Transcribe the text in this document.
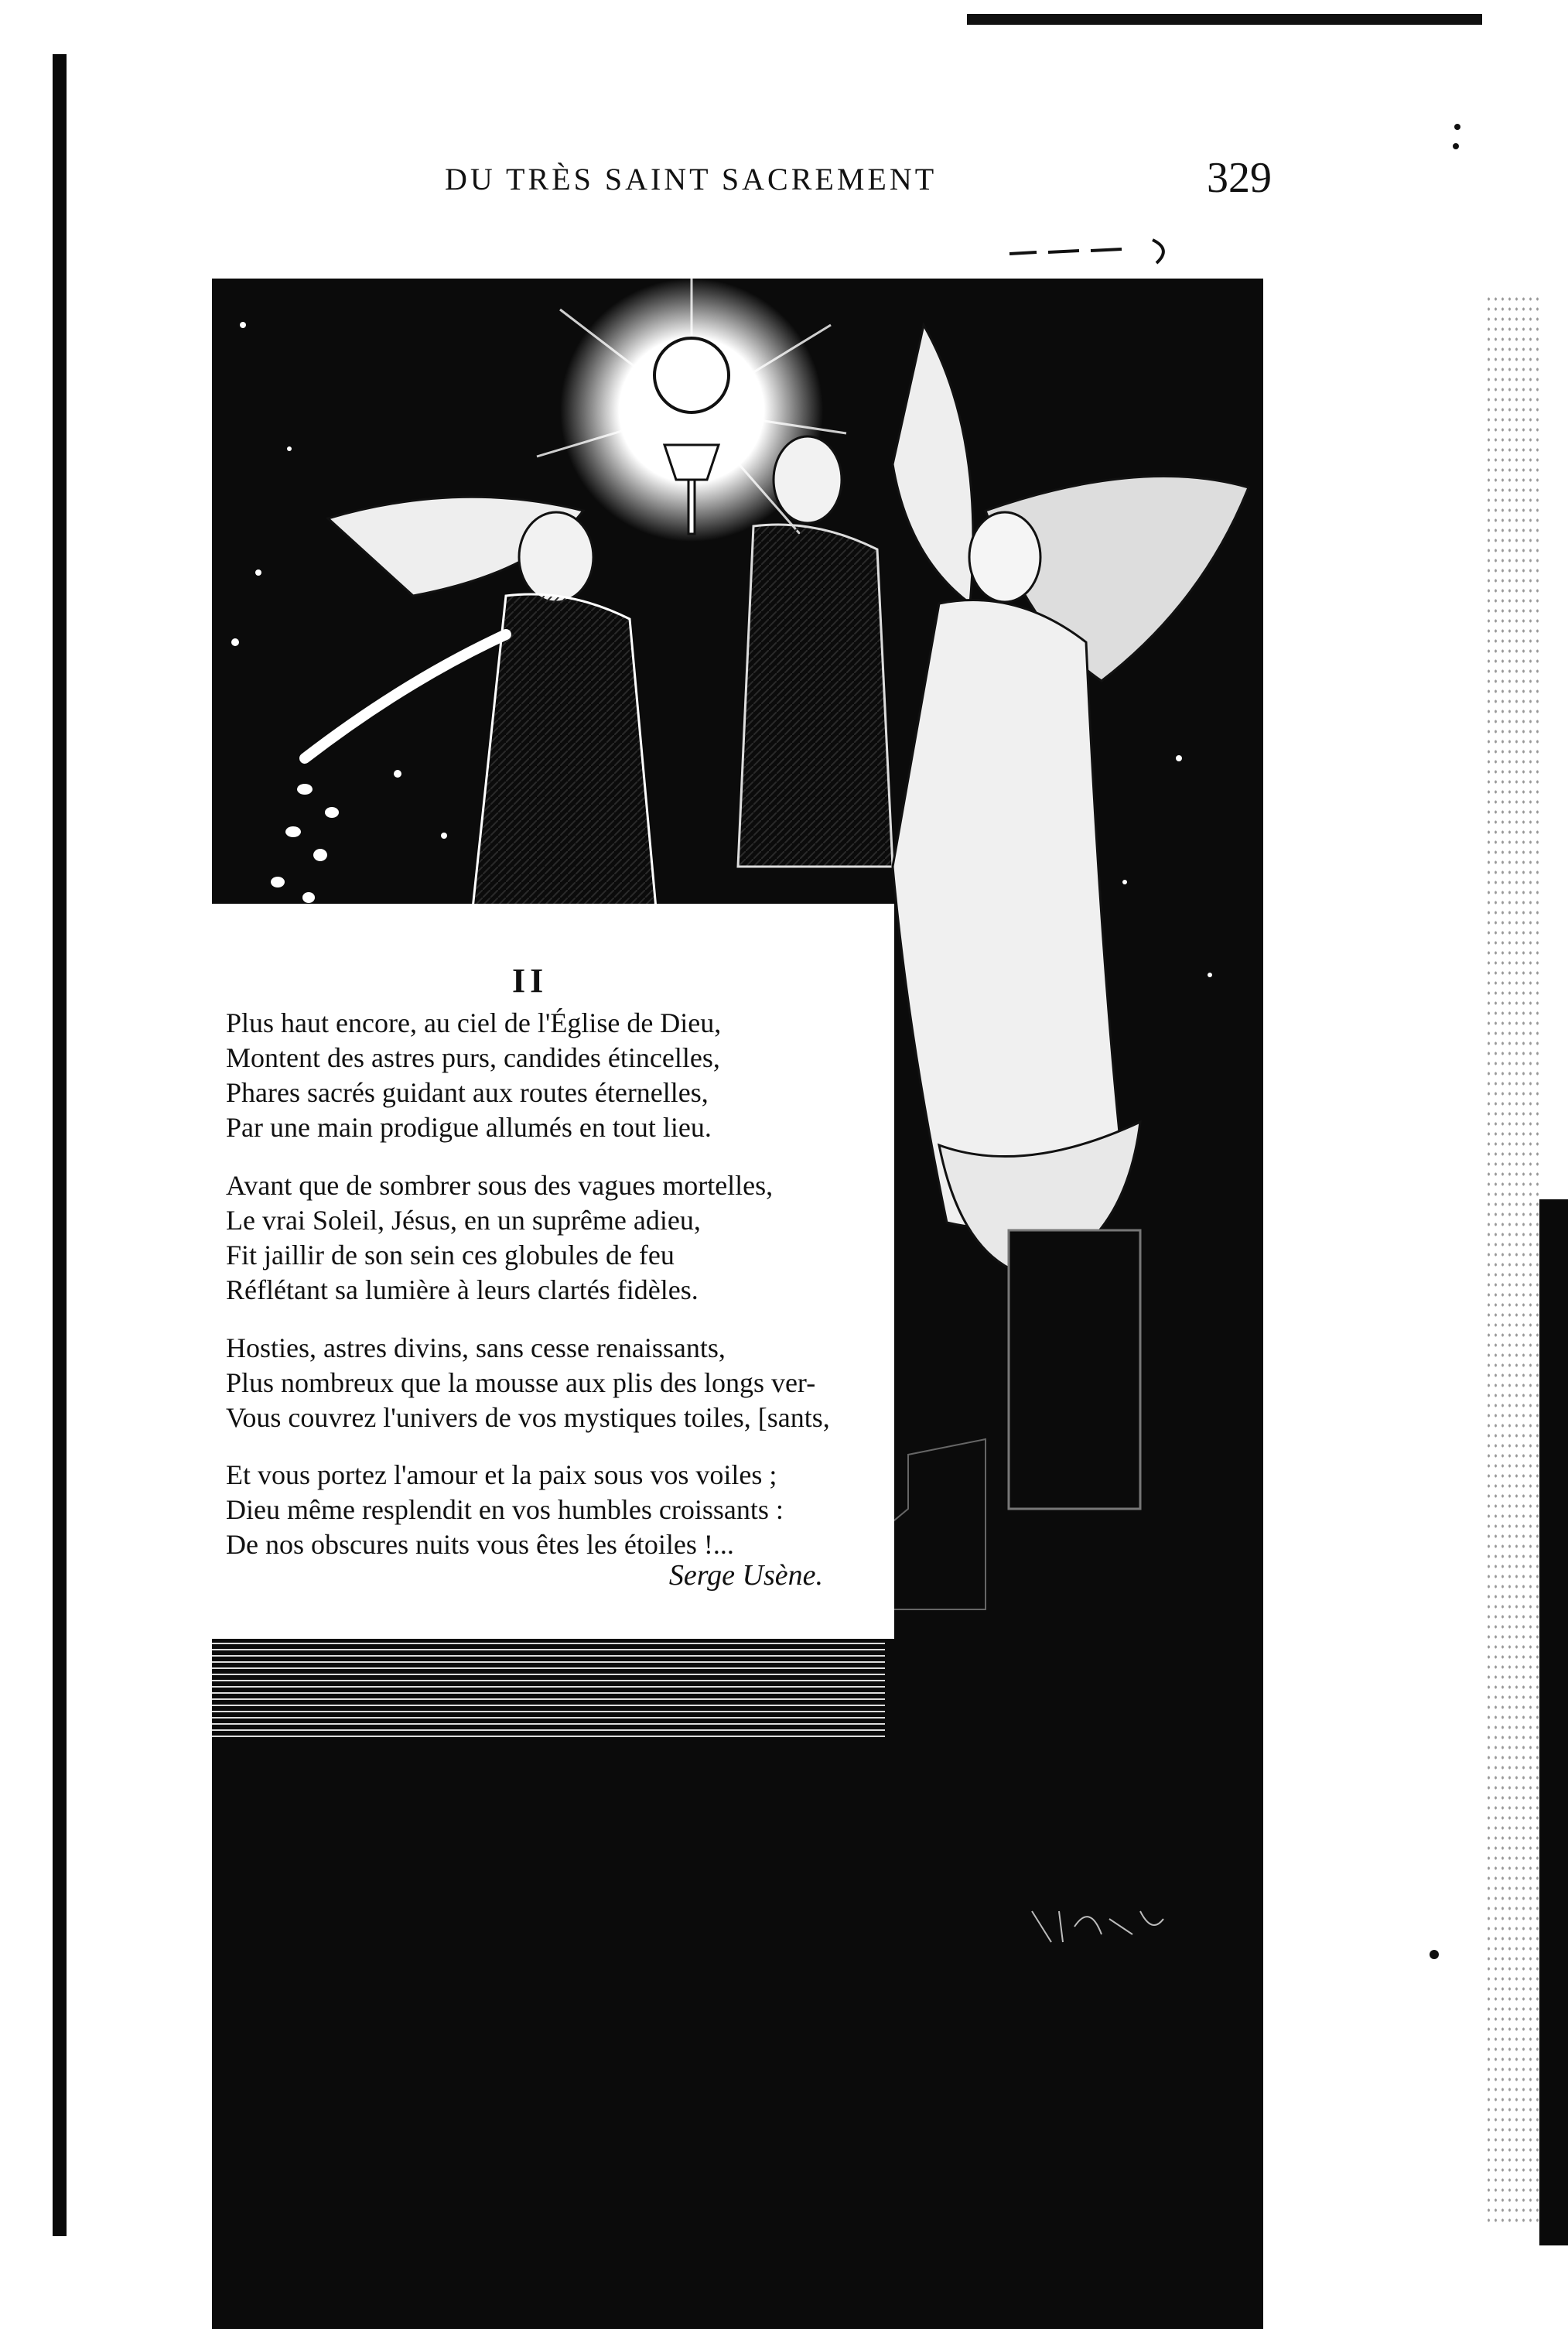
DU TRÈS SAINT SACREMENT	329
II
Plus haut encore, au ciel de l'Église de Dieu,
Montent des astres purs, candides étincelles,
Phares sacrés guidant aux routes éternelles,
Par une main prodigue allumés en tout lieu.
Avant que de sombrer sous des vagues mortelles,
Le vrai Soleil, Jésus, en un suprême adieu,
Fit jaillir de son sein ces globules de feu
Réflétant sa lumière à leurs clartés fidèles.
Hosties, astres divins, sans cesse renaissants,
Plus nombreux que la mousse aux plis des longs ver-
Vous couvrez l'univers de vos mystiques toiles, [sants,
Et vous portez l'amour et la paix sous vos voiles ;
Dieu même resplendit en vos humbles croissants :
De nos obscures nuits vous êtes les étoiles !...
Serge Usène.
